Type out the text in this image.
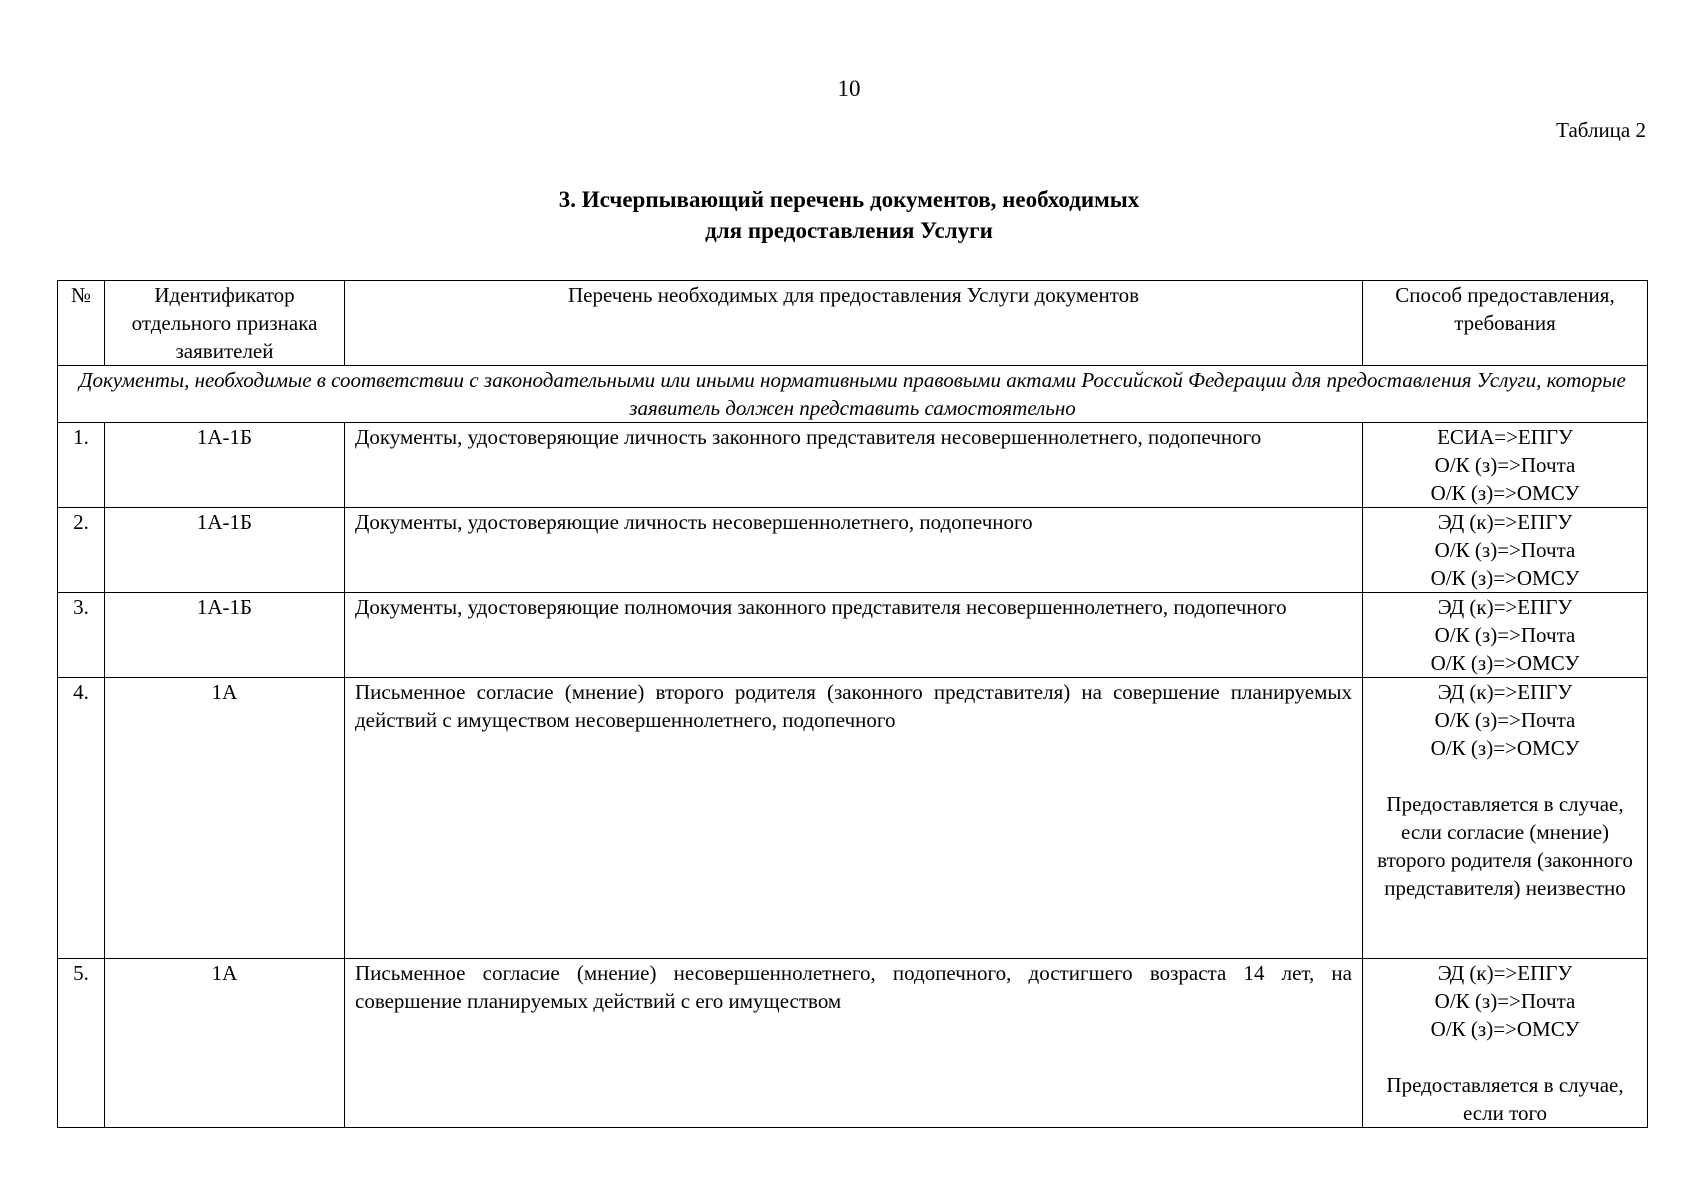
10
Таблица 2
3. Исчерпывающий перечень документов, необходимых
для предоставления Услуги
№	Идентификатор отдельного признака заявителей	Перечень необходимых для предоставления Услуги документов	Способ предоставления, требования
Документы, необходимые в соответствии с законодательными или иными нормативными правовыми актами Российской Федерации для предоставления Услуги, которые заявитель должен представить самостоятельно			
1.	1А-1Б	Документы, удостоверяющие личность законного представителя несовершеннолетнего, подопечного	ЕСИА=>ЕПГУ
О/К (з)=>Почта
О/К (з)=>ОМСУ

2.	1А-1Б	Документы, удостоверяющие личность несовершеннолетнего, подопечного	ЭД (к)=>ЕПГУ
О/К (з)=>Почта
О/К (з)=>ОМСУ

3.	1А-1Б	Документы, удостоверяющие полномочия законного представителя несовершеннолетнего, подопечного	ЭД (к)=>ЕПГУ
О/К (з)=>Почта
О/К (з)=>ОМСУ

4.	1А	Письменное согласие (мнение) второго родителя (законного представителя) на совершение планируемых действий с имуществом несовершеннолетнего, подопечного	ЭД (к)=>ЕПГУ
О/К (з)=>Почта
О/К (з)=>ОМСУ
Предоставляется в случае, если согласие (мнение) второго родителя (законного представителя) неизвестно

5.	1А	Письменное согласие (мнение) несовершеннолетнего, подопечного, достигшего возраста 14 лет, на совершение планируемых действий с его имуществом	ЭД (к)=>ЕПГУ
О/К (з)=>Почта
О/К (з)=>ОМСУ
Предоставляется в случае, если того
